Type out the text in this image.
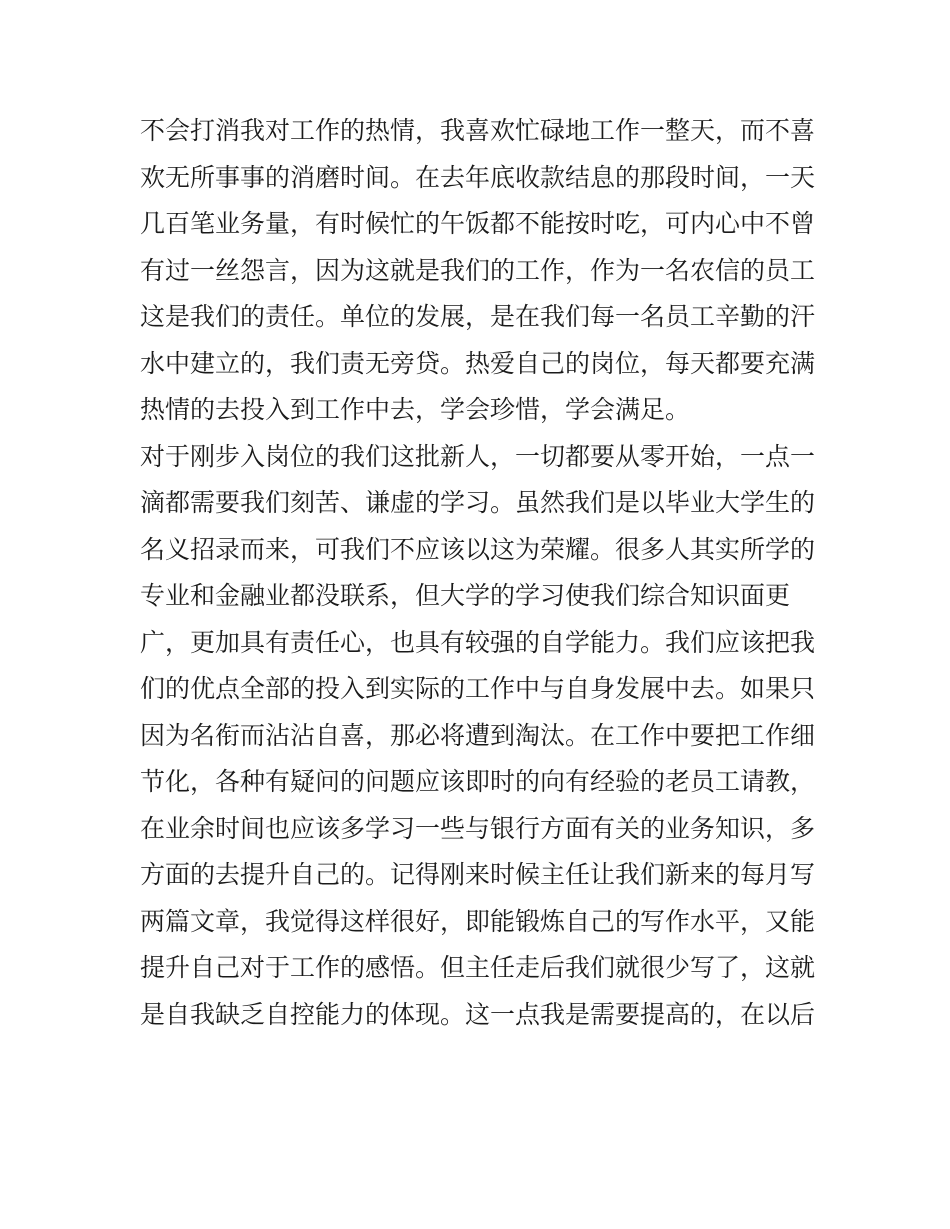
不会打消我对工作的热情，我喜欢忙碌地工作一整天，而不喜
欢无所事事的消磨时间。在去年底收款结息的那段时间，一天
几百笔业务量，有时候忙的午饭都不能按时吃，可内心中不曾
有过一丝怨言，因为这就是我们的工作，作为一名农信的员工
这是我们的责任。单位的发展，是在我们每一名员工辛勤的汗
水中建立的，我们责无旁贷。热爱自己的岗位，每天都要充满
热情的去投入到工作中去，学会珍惜，学会满足。
对于刚步入岗位的我们这批新人，一切都要从零开始，一点一
滴都需要我们刻苦、谦虚的学习。虽然我们是以毕业大学生的
名义招录而来，可我们不应该以这为荣耀。很多人其实所学的
专业和金融业都没联系，但大学的学习使我们综合知识面更
广，更加具有责任心，也具有较强的自学能力。我们应该把我
们的优点全部的投入到实际的工作中与自身发展中去。如果只
因为名衔而沾沾自喜，那必将遭到淘汰。在工作中要把工作细
节化，各种有疑问的问题应该即时的向有经验的老员工请教，
在业余时间也应该多学习一些与银行方面有关的业务知识，多
方面的去提升自己的。记得刚来时候主任让我们新来的每月写
两篇文章，我觉得这样很好，即能锻炼自己的写作水平，又能
提升自己对于工作的感悟。但主任走后我们就很少写了，这就
是自我缺乏自控能力的体现。这一点我是需要提高的，在以后
